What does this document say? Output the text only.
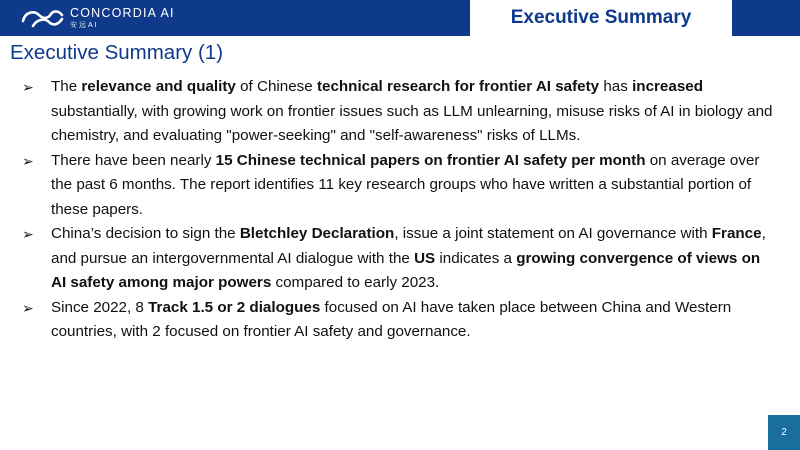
CONCORDIA AI
安远AI	Executive Summary
Executive Summary (1)
➢ The relevance and quality of Chinese technical research for frontier AI safety has increased substantially, with growing work on frontier issues such as LLM unlearning, misuse risks of AI in biology and chemistry, and evaluating "power-seeking" and "self-awareness" risks of LLMs.
➢ There have been nearly 15 Chinese technical papers on frontier AI safety per month on average over the past 6 months. The report identifies 11 key research groups who have written a substantial portion of these papers.
➢ China’s decision to sign the Bletchley Declaration, issue a joint statement on AI governance with France, and pursue an intergovernmental AI dialogue with the US indicates a growing convergence of views on AI safety among major powers compared to early 2023.
➢ Since 2022, 8 Track 1.5 or 2 dialogues focused on AI have taken place between China and Western countries, with 2 focused on frontier AI safety and governance.
2
